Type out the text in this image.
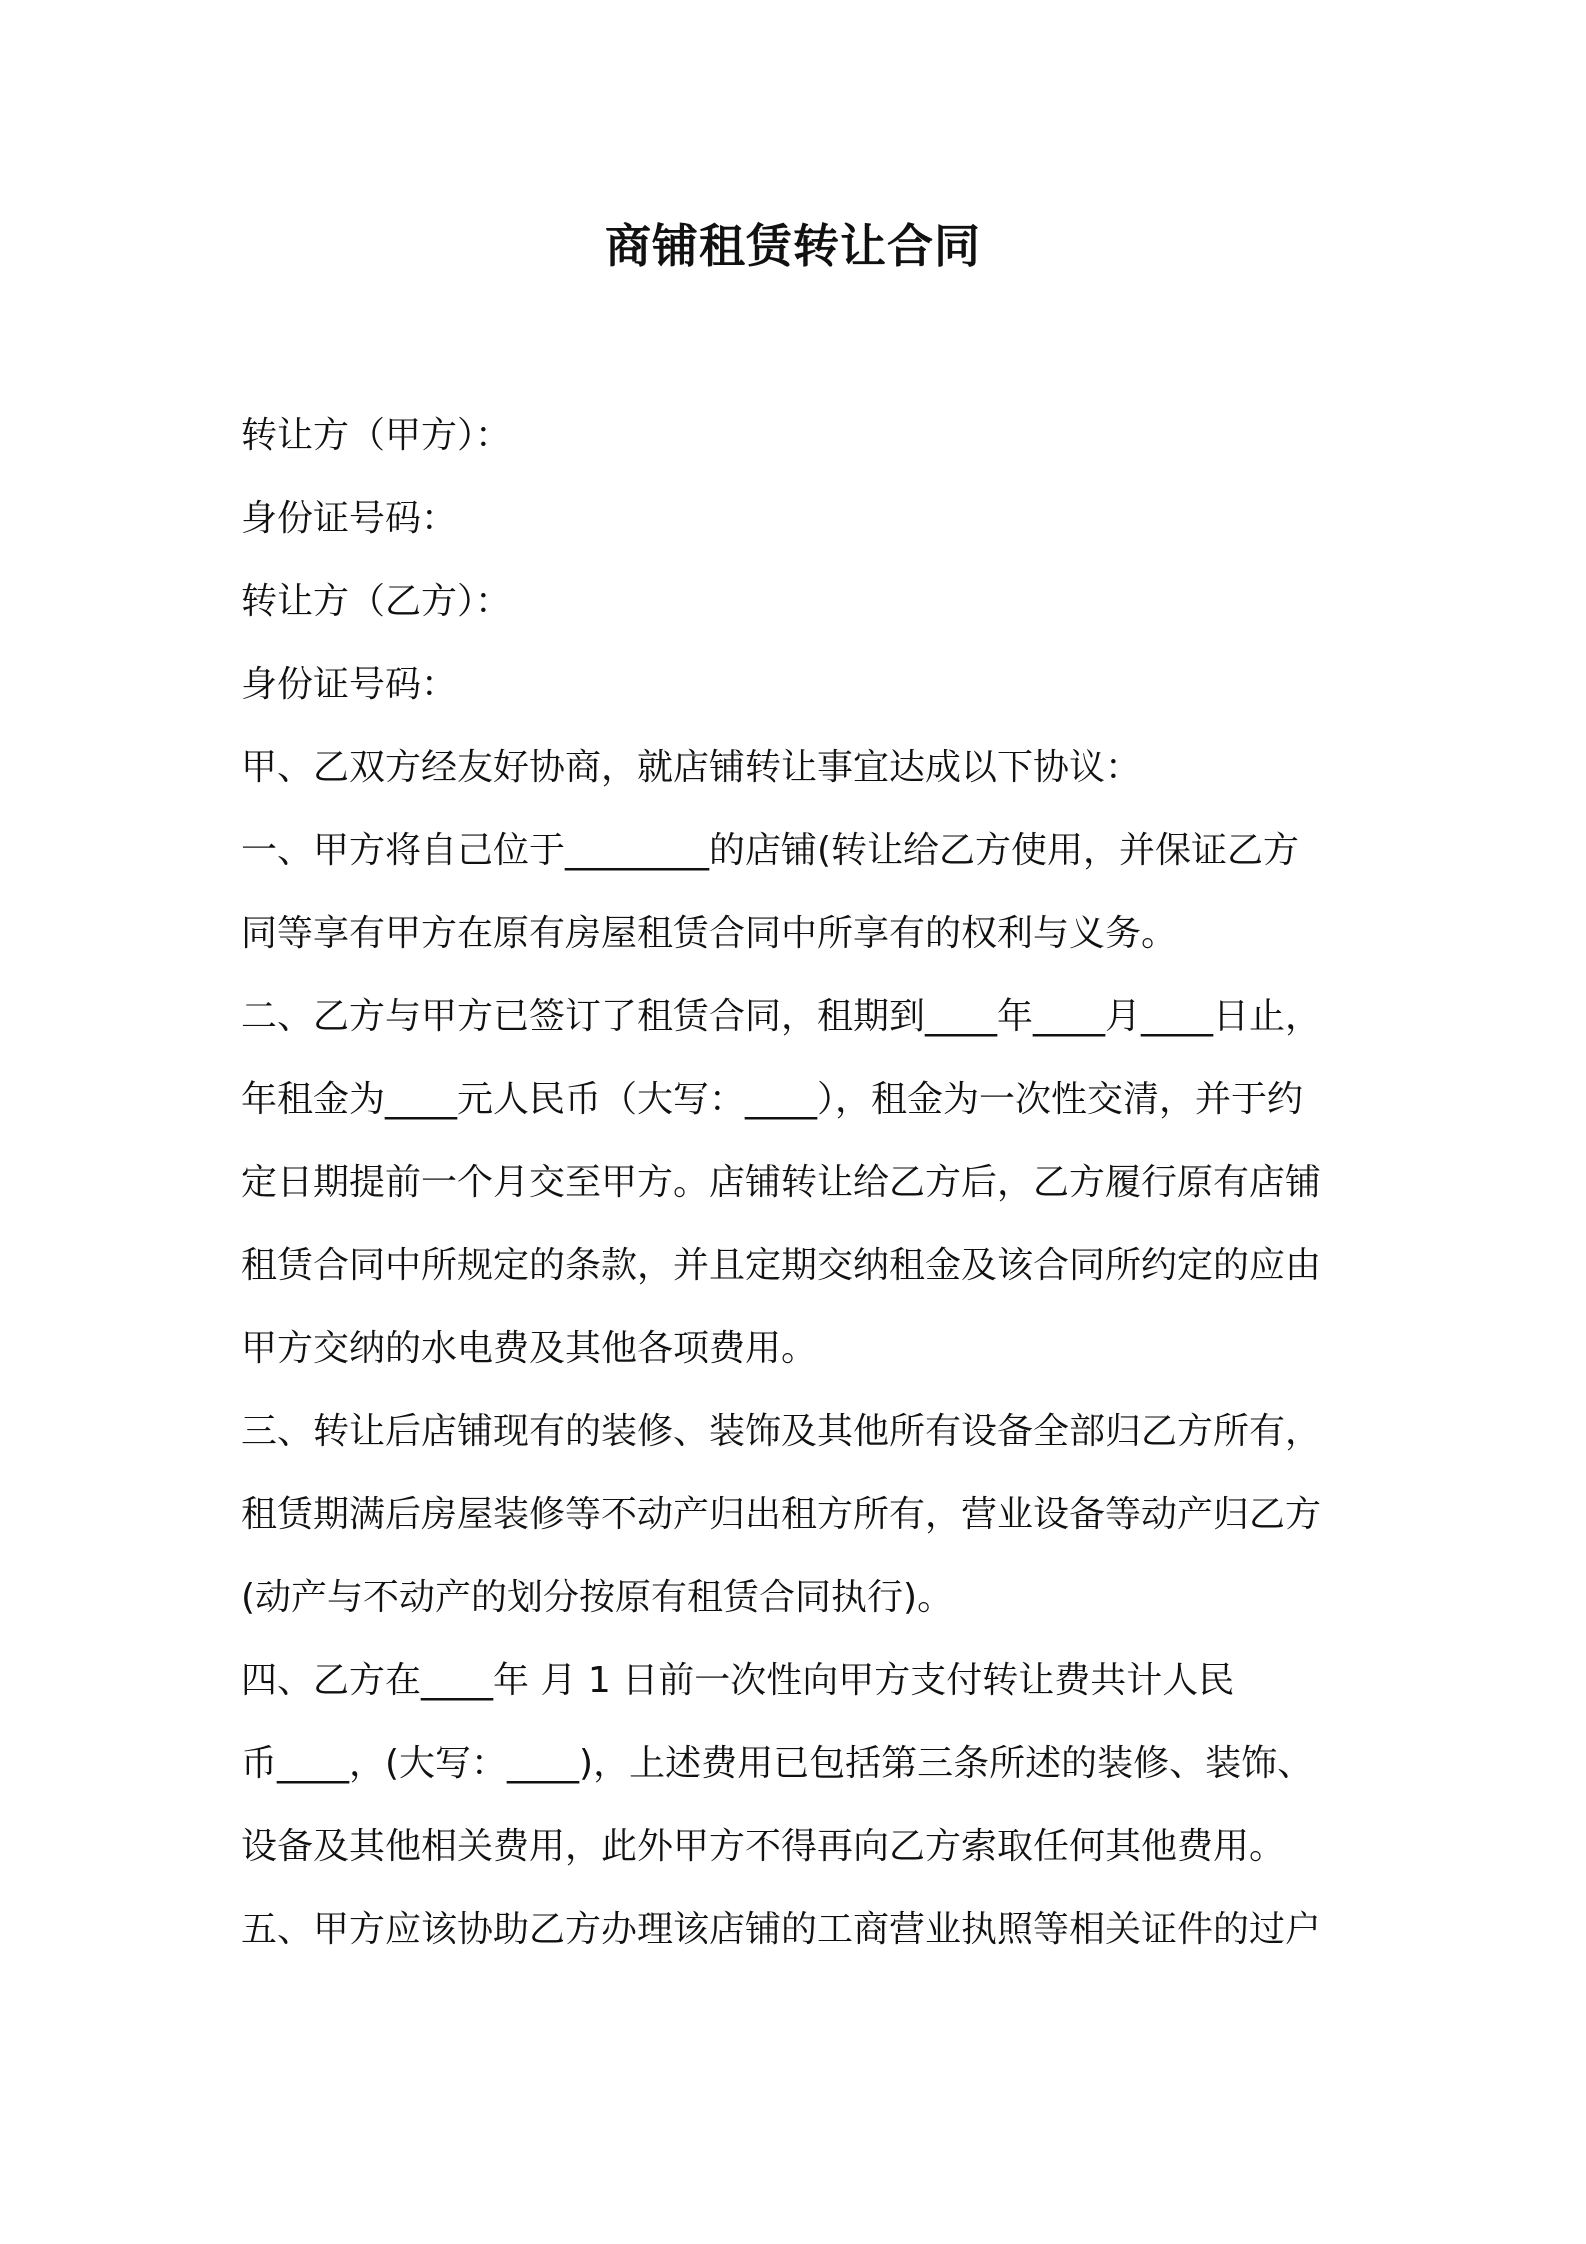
商铺租赁转让合同
转让方（甲方）：
身份证号码：
转让方（乙方）：
身份证号码：
甲、乙双方经友好协商，就店铺转让事宜达成以下协议：
一、甲方将自己位于________的店铺(转让给乙方使用，并保证乙方
同等享有甲方在原有房屋租赁合同中所享有的权利与义务。
二、乙方与甲方已签订了租赁合同，租期到____年____月____日止，
年租金为____元人民币（大写：____），租金为一次性交清，并于约
定日期提前一个月交至甲方。店铺转让给乙方后，乙方履行原有店铺
租赁合同中所规定的条款，并且定期交纳租金及该合同所约定的应由
甲方交纳的水电费及其他各项费用。
三、转让后店铺现有的装修、装饰及其他所有设备全部归乙方所有，
租赁期满后房屋装修等不动产归出租方所有，营业设备等动产归乙方
(动产与不动产的划分按原有租赁合同执行)。
四、乙方在____年 月 1 日前一次性向甲方支付转让费共计人民
币____，(大写：____)，上述费用已包括第三条所述的装修、装饰、
设备及其他相关费用，此外甲方不得再向乙方索取任何其他费用。
五、甲方应该协助乙方办理该店铺的工商营业执照等相关证件的过户
